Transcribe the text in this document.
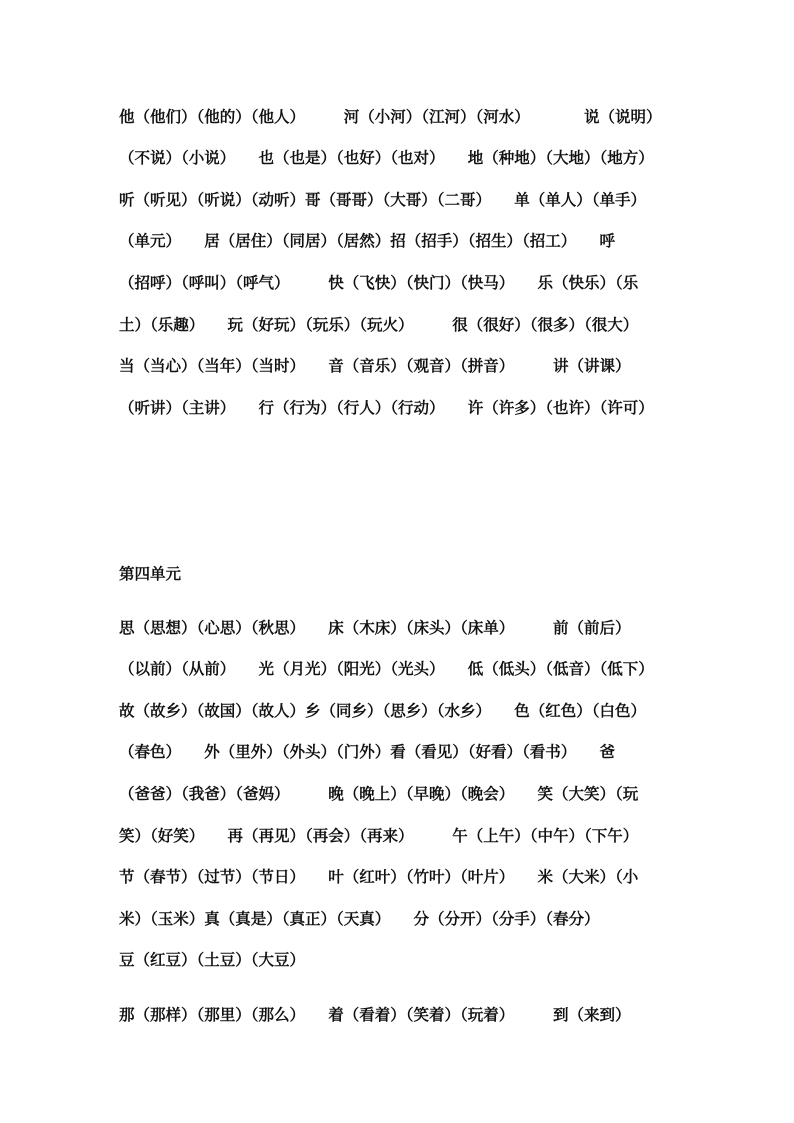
他（他们）（他的）（他人）　　　河（小河）（江河）（河水）　　　　说（说明）
（不说）（小说）　　也（也是）（也好）（也对）　　地（种地）（大地）（地方）
听（听见）（听说）（动听）哥（哥哥）（大哥）（二哥）　　单（单人）（单手）
（单元）　　居（居住）（同居）（居然）招（招手）（招生）（招工）　　呼
（招呼）（呼叫）（呼气）　　　快（飞快）（快门）（快马）　　乐（快乐）（乐
土）（乐趣）　　玩（好玩）（玩乐）（玩火）　　　很（很好）（很多）（很大）
当（当心）（当年）（当时）　　音（音乐）（观音）（拼音）　　　讲（讲课）
（听讲）（主讲）　　行（行为）（行人）（行动）　　许（许多）（也许）（许可）
第四单元
思（思想）（心思）（秋思）　　床（木床）（床头）（床单）　　　前（前后）
（以前）（从前）　　光（月光）（阳光）（光头）　　低（低头）（低音）（低下）
故（故乡）（故国）（故人）乡（同乡）（思乡）（水乡）　　色（红色）（白色）
（春色）　　外（里外）（外头）（门外）看（看见）（好看）（看书）　　爸
（爸爸）（我爸）（爸妈）　　　晚（晚上）（早晚）（晚会）　　笑（大笑）（玩
笑）（好笑）　　再（再见）（再会）（再来）　　　午（上午）（中午）（下午）
节（春节）（过节）（节日）　　叶（红叶）（竹叶）（叶片）　　米（大米）（小
米）（玉米）真（真是）（真正）（天真）　　分（分开）（分手）（春分）
豆（红豆）（土豆）（大豆）
那（那样）（那里）（那么）　　着（看着）（笑着）（玩着）　　　到（来到）
